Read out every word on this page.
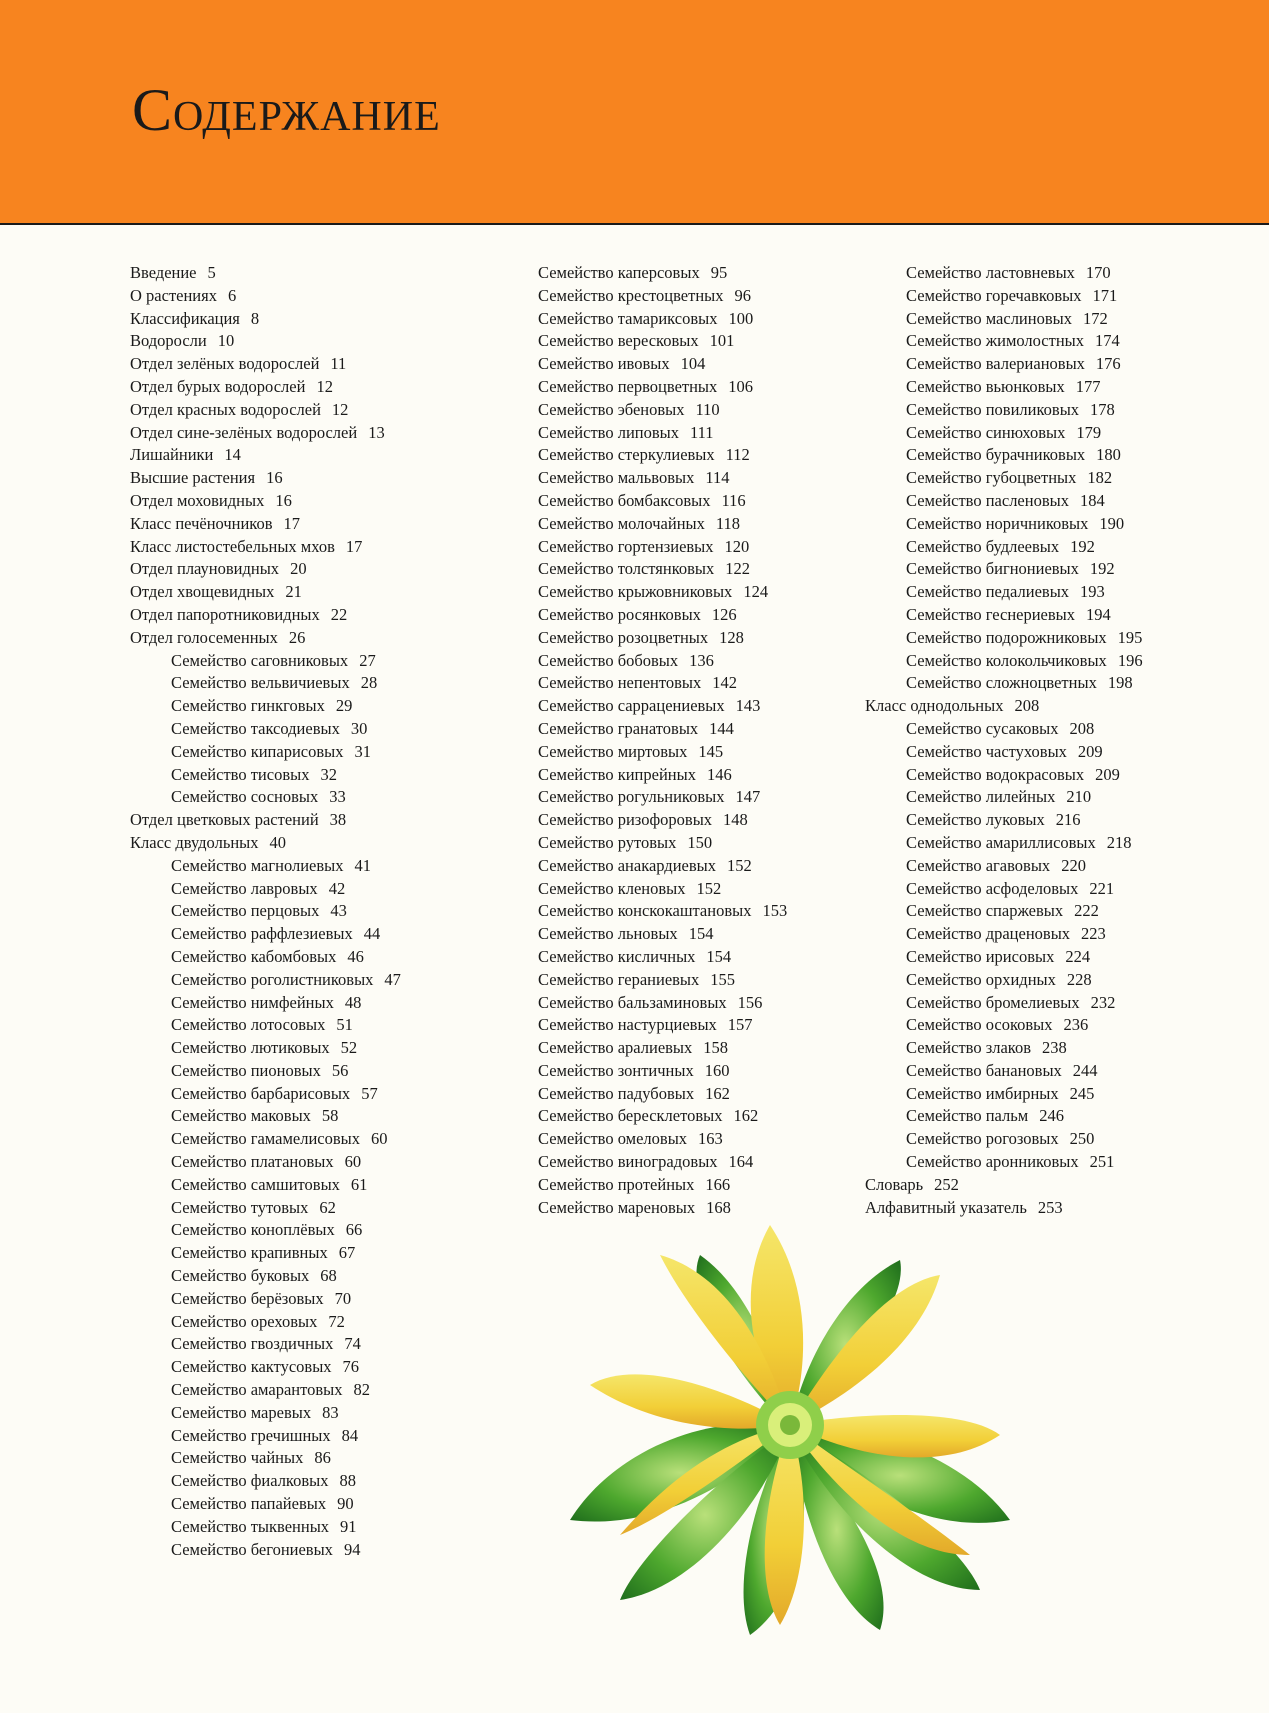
Содержание
Введение 5
О растениях 6
Классификация 8
Водоросли 10
Отдел зелёных водорослей 11
Отдел бурых водорослей 12
Отдел красных водорослей 12
Отдел сине-зелёных водорослей 13
Лишайники 14
Высшие растения 16
Отдел моховидных 16
Класс печёночников 17
Класс листостебельных мхов 17
Отдел плауновидных 20
Отдел хвощевидных 21
Отдел папоротниковидных 22
Отдел голосеменных 26
Семейство саговниковых 27
Семейство вельвичиевых 28
Семейство гинкговых 29
Семейство таксодиевых 30
Семейство кипарисовых 31
Семейство тисовых 32
Семейство сосновых 33
Отдел цветковых растений 38
Класс двудольных 40
Семейство магнолиевых 41
Семейство лавровых 42
Семейство перцовых 43
Семейство раффлезиевых 44
Семейство кабомбовых 46
Семейство роголистниковых 47
Семейство нимфейных 48
Семейство лотосовых 51
Семейство лютиковых 52
Семейство пионовых 56
Семейство барбарисовых 57
Семейство маковых 58
Семейство гамамелисовых 60
Семейство платановых 60
Семейство самшитовых 61
Семейство тутовых 62
Семейство коноплёвых 66
Семейство крапивных 67
Семейство буковых 68
Семейство берёзовых 70
Семейство ореховых 72
Семейство гвоздичных 74
Семейство кактусовых 76
Семейство амарантовых 82
Семейство маревых 83
Семейство гречишных 84
Семейство чайных 86
Семейство фиалковых 88
Семейство папайевых 90
Семейство тыквенных 91
Семейство бегониевых 94
Семейство каперсовых 95
Семейство крестоцветных 96
Семейство тамариксовых 100
Семейство вересковых 101
Семейство ивовых 104
Семейство первоцветных 106
Семейство эбеновых 110
Семейство липовых 111
Семейство стеркулиевых 112
Семейство мальвовых 114
Семейство бомбаксовых 116
Семейство молочайных 118
Семейство гортензиевых 120
Семейство толстянковых 122
Семейство крыжовниковых 124
Семейство росянковых 126
Семейство розоцветных 128
Семейство бобовых 136
Семейство непентовых 142
Семейство саррацениевых 143
Семейство гранатовых 144
Семейство миртовых 145
Семейство кипрейных 146
Семейство рогульниковых 147
Семейство ризофоровых 148
Семейство рутовых 150
Семейство анакардиевых 152
Семейство кленовых 152
Семейство конскокаштановых 153
Семейство льновых 154
Семейство кисличных 154
Семейство гераниевых 155
Семейство бальзаминовых 156
Семейство настурциевых 157
Семейство аралиевых 158
Семейство зонтичных 160
Семейство падубовых 162
Семейство бересклетовых 162
Семейство омеловых 163
Семейство виноградовых 164
Семейство протейных 166
Семейство мареновых 168
Семейство ластовневых 170
Семейство горечавковых 171
Семейство маслиновых 172
Семейство жимолостных 174
Семейство валериановых 176
Семейство вьюнковых 177
Семейство повиликовых 178
Семейство синюховых 179
Семейство бурачниковых 180
Семейство губоцветных 182
Семейство пасленовых 184
Семейство норичниковых 190
Семейство будлеевых 192
Семейство бигнониевых 192
Семейство педалиевых 193
Семейство геснериевых 194
Семейство подорожниковых 195
Семейство колокольчиковых 196
Семейство сложноцветных 198
Класс однодольных 208
Семейство сусаковых 208
Семейство частуховых 209
Семейство водокрасовых 209
Семейство лилейных 210
Семейство луковых 216
Семейство амариллисовых 218
Семейство агавовых 220
Семейство асфоделовых 221
Семейство спаржевых 222
Семейство драценовых 223
Семейство ирисовых 224
Семейство орхидных 228
Семейство бромелиевых 232
Семейство осоковых 236
Семейство злаков 238
Семейство банановых 244
Семейство имбирных 245
Семейство пальм 246
Семейство рогозовых 250
Семейство аронниковых 251
Словарь 252
Алфавитный указатель 253
